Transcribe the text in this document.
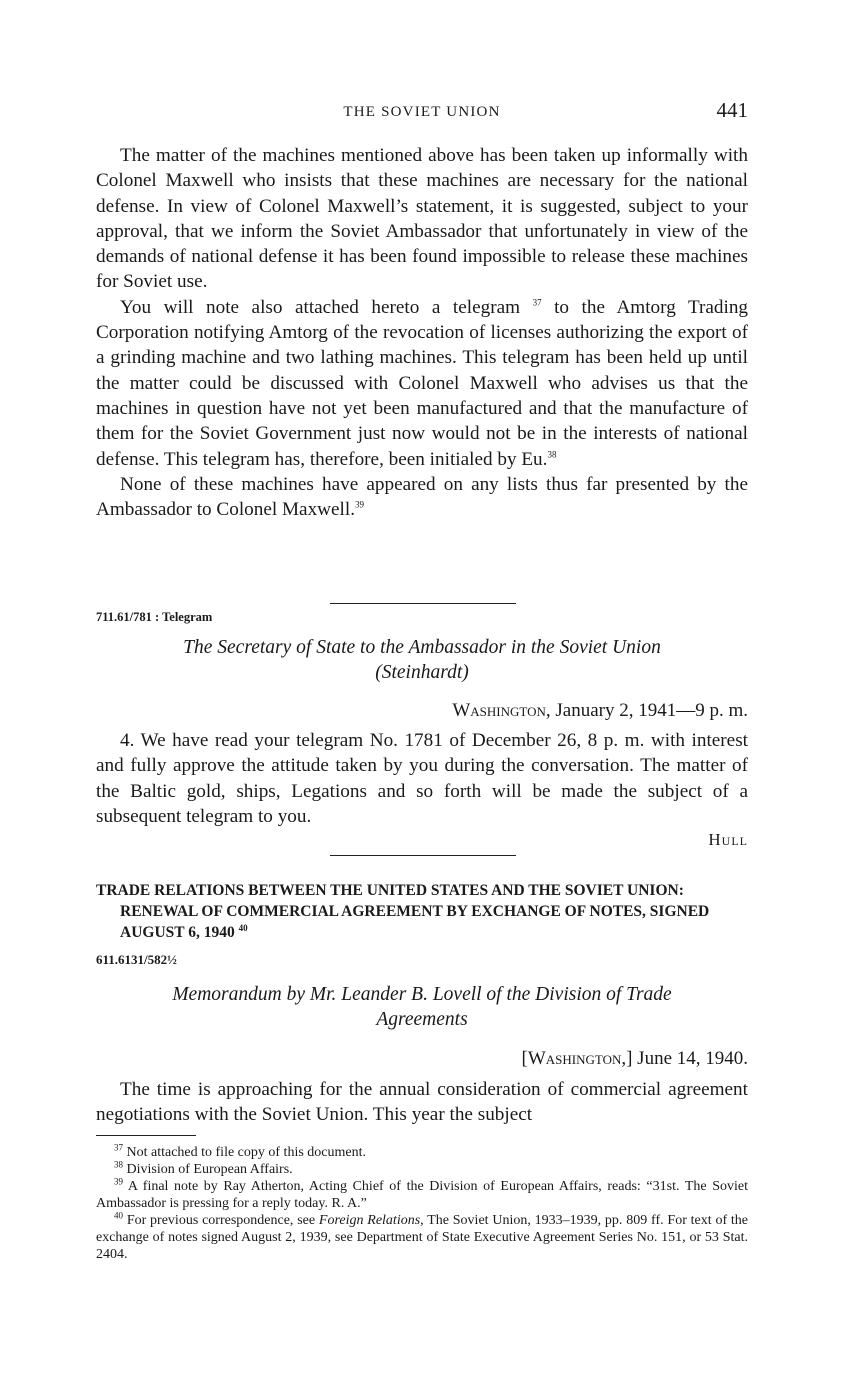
THE SOVIET UNION	441

The matter of the machines mentioned above has been taken up informally with Colonel Maxwell who insists that these machines are necessary for the national defense. In view of Colonel Maxwell’s statement, it is suggested, subject to your approval, that we inform the Soviet Ambassador that unfortunately in view of the demands of national defense it has been found impossible to release these machines for Soviet use.

You will note also attached hereto a telegram $^{37}$ to the Amtorg Trading Corporation notifying Amtorg of the revocation of licenses authorizing the export of a grinding machine and two lathing machines. This telegram has been held up until the matter could be discussed with Colonel Maxwell who advises us that the machines in question have not yet been manufactured and that the manufacture of them for the Soviet Government just now would not be in the interests of national defense. This telegram has, therefore, been initialed by Eu.$^{38}$

None of these machines have appeared on any lists thus far presented by the Ambassador to Colonel Maxwell.$^{39}$

711.61/781 : Telegram
The Secretary of State to the Ambassador in the Soviet Union
(Steinhardt)
Washington, January 2, 1941—9 p. m.

4. We have read your telegram No. 1781 of December 26, 8 p. m. with interest and fully approve the attitude taken by you during the conversation. The matter of the Baltic gold, ships, Legations and so forth will be made the subject of a subsequent telegram to you.

Hull
TRADE RELATIONS BETWEEN THE UNITED STATES AND THE SOVIET UNION: RENEWAL OF COMMERCIAL AGREEMENT BY EXCHANGE OF NOTES, SIGNED AUGUST 6, 1940 $^{40}$
611.6131/582½
Memorandum by Mr. Leander B. Lovell of the Division of Trade
Agreements
[Washington,] June 14, 1940.

The time is approaching for the annual consideration of commercial agreement negotiations with the Soviet Union. This year the subject

$^{37}$ Not attached to file copy of this document.
$^{38}$ Division of European Affairs.
$^{39}$ A final note by Ray Atherton, Acting Chief of the Division of European Affairs, reads: “31st. The Soviet Ambassador is pressing for a reply today. R. A.”
$^{40}$ For previous correspondence, see Foreign Relations, The Soviet Union, 1933–1939, pp. 809 ff. For text of the exchange of notes signed August 2, 1939, see Department of State Executive Agreement Series No. 151, or 53 Stat. 2404.
